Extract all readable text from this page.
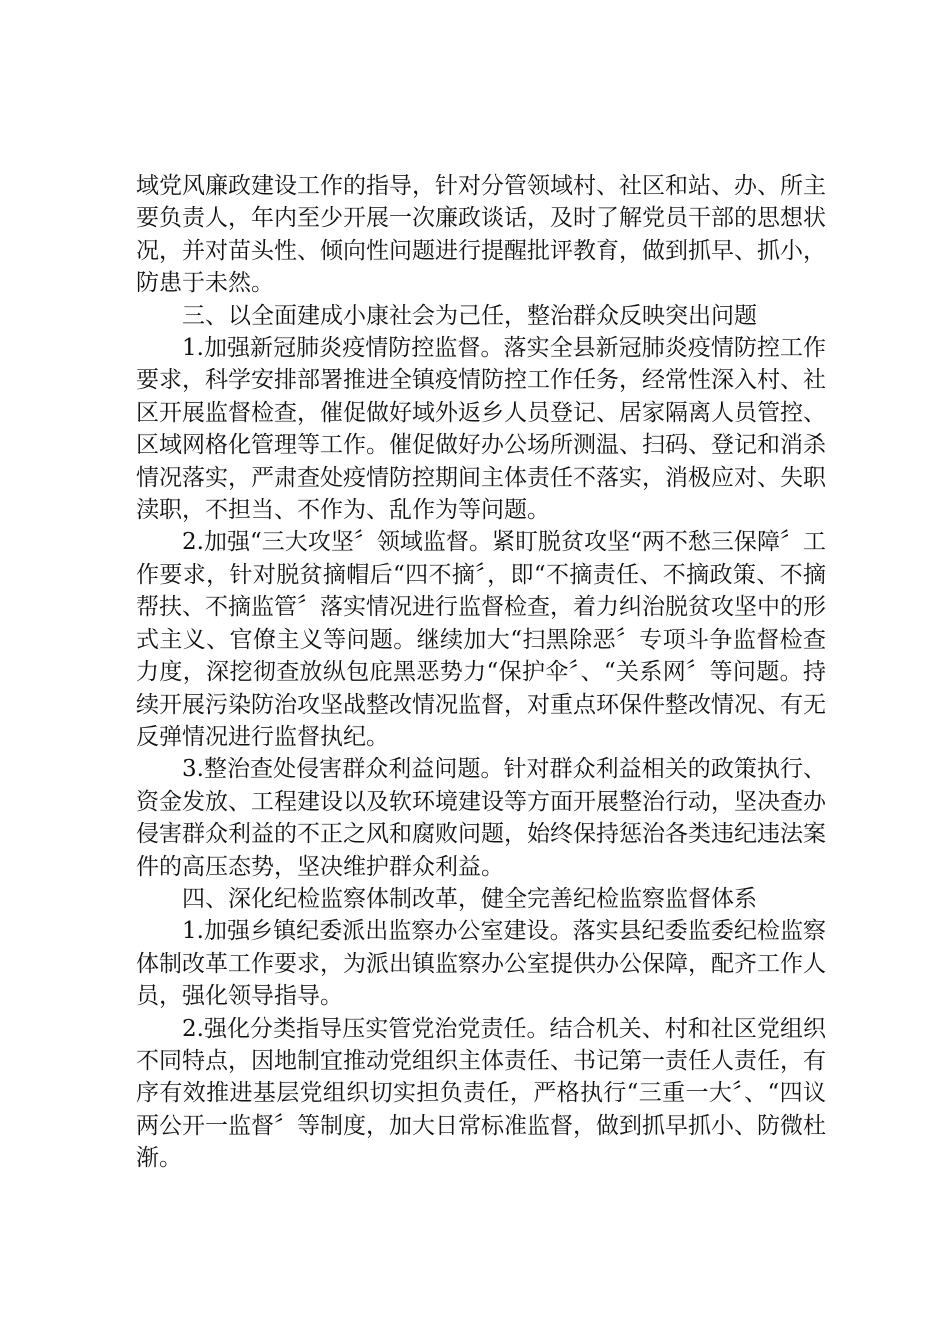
域党风廉政建设工作的指导，针对分管领域村、社区和站、办、所主要负责人，年内至少开展一次廉政谈话，及时了解党员干部的思想状况，并对苗头性、倾向性问题进行提醒批评教育，做到抓早、抓小，防患于未然。

三、以全面建成小康社会为己任，整治群众反映突出问题

1.加强新冠肺炎疫情防控监督。落实全县新冠肺炎疫情防控工作要求，科学安排部署推进全镇疫情防控工作任务，经常性深入村、社区开展监督检查，催促做好域外返乡人员登记、居家隔离人员管控、区域网格化管理等工作。催促做好办公场所测温、扫码、登记和消杀情况落实，严肃查处疫情防控期间主体责任不落实，消极应对、失职渎职，不担当、不作为、乱作为等问题。

2.加强“三大攻坚〞领域监督。紧盯脱贫攻坚“两不愁三保障〞工作要求，针对脱贫摘帽后“四不摘〞，即“不摘责任、不摘政策、不摘帮扶、不摘监管〞落实情况进行监督检查，着力纠治脱贫攻坚中的形式主义、官僚主义等问题。继续加大“扫黑除恶〞专项斗争监督检查力度，深挖彻查放纵包庇黑恶势力“保护伞〞、“关系网〞等问题。持续开展污染防治攻坚战整改情况监督，对重点环保件整改情况、有无反弹情况进行监督执纪。

3.整治查处侵害群众利益问题。针对群众利益相关的政策执行、资金发放、工程建设以及软环境建设等方面开展整治行动，坚决查办侵害群众利益的不正之风和腐败问题，始终保持惩治各类违纪违法案件的高压态势，坚决维护群众利益。

四、深化纪检监察体制改革，健全完善纪检监察监督体系

1.加强乡镇纪委派出监察办公室建设。落实县纪委监委纪检监察体制改革工作要求，为派出镇监察办公室提供办公保障，配齐工作人员，强化领导指导。

2.强化分类指导压实管党治党责任。结合机关、村和社区党组织不同特点，因地制宜推动党组织主体责任、书记第一责任人责任，有序有效推进基层党组织切实担负责任，严格执行“三重一大〞、“四议两公开一监督〞等制度，加大日常标准监督，做到抓早抓小、防微杜渐。
